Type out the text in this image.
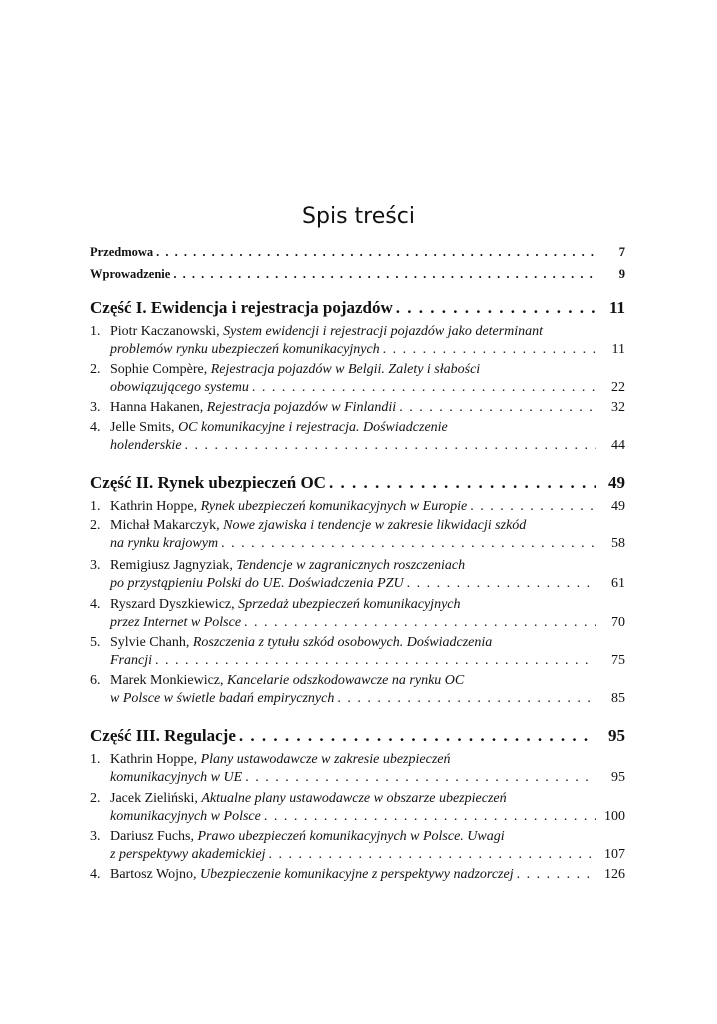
Spis treści
Przedmowa . . .	7
Wprowadzenie . . .	9
Część I. Ewidencja i rejestracja pojazdów . . .	11
1. Piotr Kaczanowski, System ewidencji i rejestracji pojazdów jako determinant
problemów rynku ubezpieczeń komunikacyjnych . . .	11
2. Sophie Compère, Rejestracja pojazdów w Belgii. Zalety i słabości
obowiązującego systemu . . .	22
3. Hanna Hakanen, Rejestracja pojazdów w Finlandii . . .	32
4. Jelle Smits, OC komunikacyjne i rejestracja. Doświadczenie
holenderskie . . .	44
Część II. Rynek ubezpieczeń OC . . .	49
1. Kathrin Hoppe, Rynek ubezpieczeń komunikacyjnych w Europie . . .	49
2. Michał Makarczyk, Nowe zjawiska i tendencje w zakresie likwidacji szkód
na rynku krajowym . . .	58
3. Remigiusz Jagnyziak, Tendencje w zagranicznych roszczeniach
po przystąpieniu Polski do UE. Doświadczenia PZU . . .	61
4. Ryszard Dyszkiewicz, Sprzedaż ubezpieczeń komunikacyjnych
przez Internet w Polsce . . .	70
5. Sylvie Chanh, Roszczenia z tytułu szkód osobowych. Doświadczenia
Francji . . .	75
6. Marek Monkiewicz, Kancelarie odszkodowawcze na rynku OC
w Polsce w świetle badań empirycznych . . .	85
Część III. Regulacje . . .	95
1. Kathrin Hoppe, Plany ustawodawcze w zakresie ubezpieczeń
komunikacyjnych w UE . . .	95
2. Jacek Zieliński, Aktualne plany ustawodawcze w obszarze ubezpieczeń
komunikacyjnych w Polsce . . .	100
3. Dariusz Fuchs, Prawo ubezpieczeń komunikacyjnych w Polsce. Uwagi
z perspektywy akademickiej . . .	107
4. Bartosz Wojno, Ubezpieczenie komunikacyjne z perspektywy nadzorczej . . .	126
